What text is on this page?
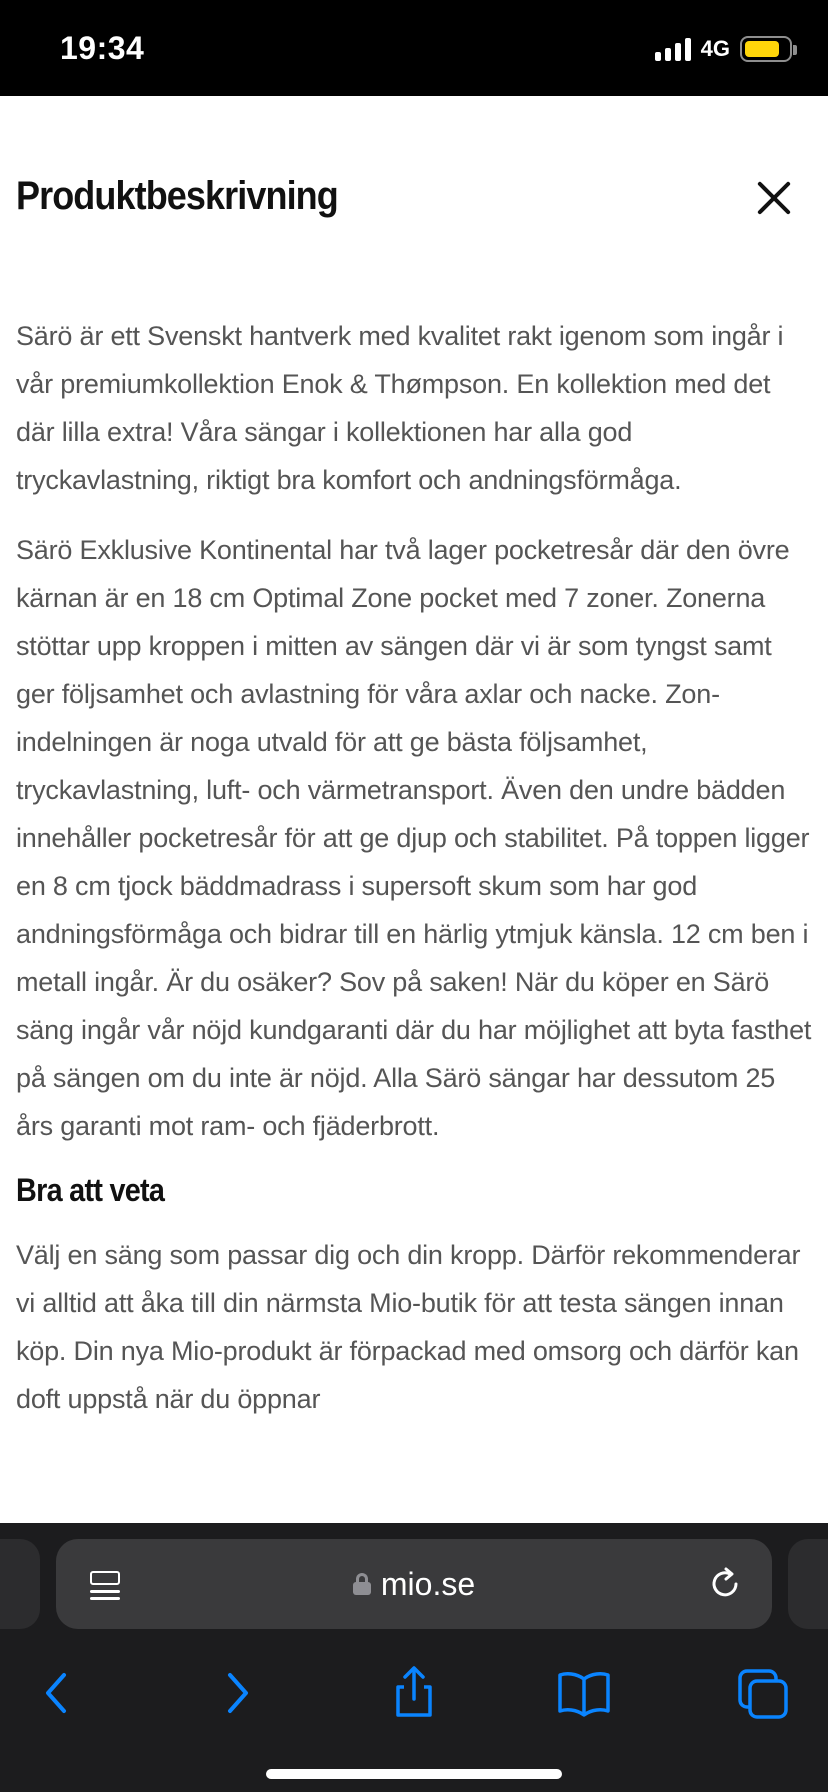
19:34	4G
Produktbeskrivning

Särö är ett Svenskt hantverk med kvalitet rakt igenom som ingår i vår premiumkollektion Enok & Thømpson. En kollektion med det där lilla extra! Våra sängar i kollektionen har alla god tryckavlastning, riktigt bra komfort och andningsförmåga.

Särö Exklusive Kontinental har två lager pocketresår där den övre kärnan är en 18 cm Optimal Zone pocket med 7 zoner. Zonerna stöttar upp kroppen i mitten av sängen där vi är som tyngst samt ger följsamhet och avlastning för våra axlar och nacke. Zon-indelningen är noga utvald för att ge bästa följsamhet, tryckavlastning, luft- och värmetransport. Även den undre bädden innehåller pocketresår för att ge djup och stabilitet. På toppen ligger en 8 cm tjock bäddmadrass i supersoft skum som har god andningsförmåga och bidrar till en härlig ytmjuk känsla. 12 cm ben i metall ingår. Är du osäker? Sov på saken! När du köper en Särö säng ingår vår nöjd kundgaranti där du har möjlighet att byta fasthet på sängen om du inte är nöjd. Alla Särö sängar har dessutom 25 års garanti mot ram- och fjäderbrott.

Bra att veta

Välj en säng som passar dig och din kropp. Därför rekommenderar vi alltid att åka till din närmsta Mio-butik för att testa sängen innan köp. Din nya Mio-produkt är förpackad med omsorg och därför kan doft uppstå när du öppnar

mio.se
